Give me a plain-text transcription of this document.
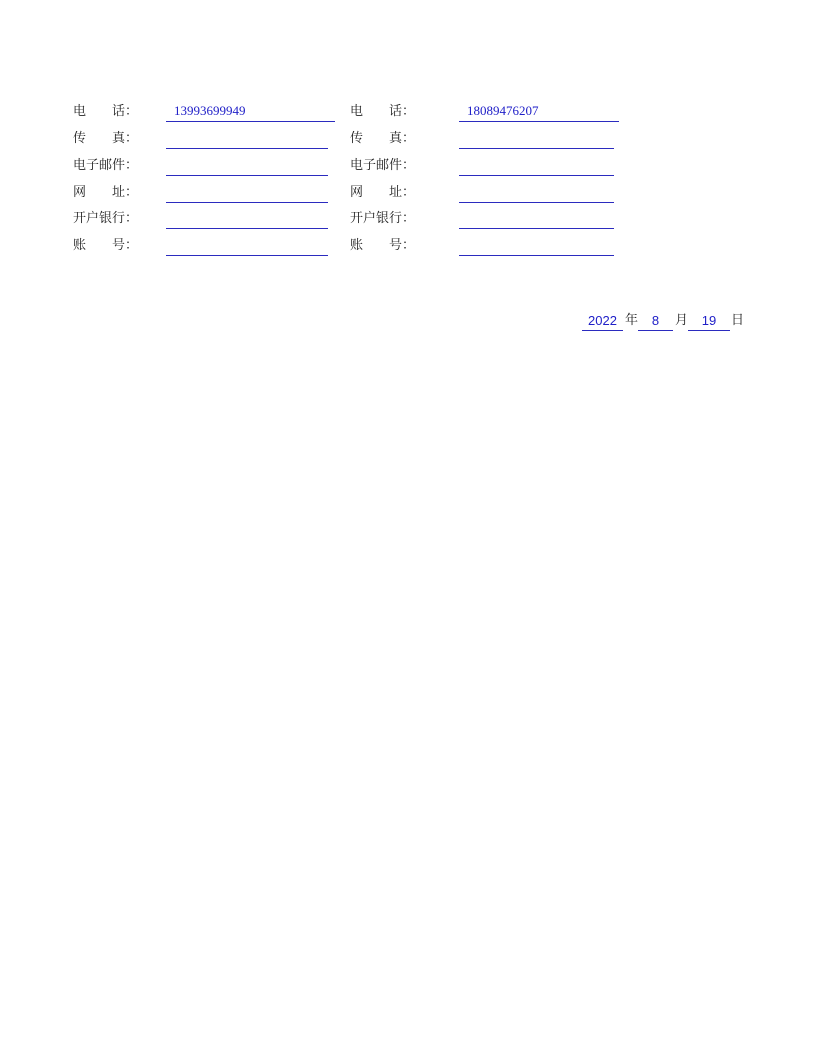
电　　话：	13993699949	电　　话：	18089476207
传　　真：	传　　真：
电子邮件：	电子邮件：
网　　址：	网　　址：
开户银行：	开户银行：
账　　号：	账　　号：
2022 年	8	月	19	日
